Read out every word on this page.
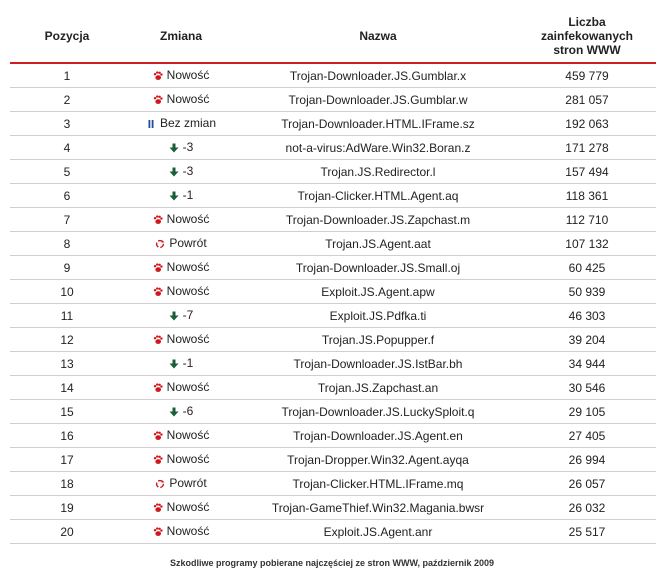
Pozycja	Zmiana	Nazwa	Liczba
zainfekowanych
stron WWW
1	Nowość	Trojan-Downloader.JS.Gumblar.x	459 779
2	Nowość	Trojan-Downloader.JS.Gumblar.w	281 057
3	Bez zmian	Trojan-Downloader.HTML.IFrame.sz	192 063
4	-3	not-a-virus:AdWare.Win32.Boran.z	171 278
5	-3	Trojan.JS.Redirector.l	157 494
6	-1	Trojan-Clicker.HTML.Agent.aq	118 361
7	Nowość	Trojan-Downloader.JS.Zapchast.m	112 710
8	Powrót	Trojan.JS.Agent.aat	107 132
9	Nowość	Trojan-Downloader.JS.Small.oj	60 425
10	Nowość	Exploit.JS.Agent.apw	50 939
11	-7	Exploit.JS.Pdfka.ti	46 303
12	Nowość	Trojan.JS.Popupper.f	39 204
13	-1	Trojan-Downloader.JS.IstBar.bh	34 944
14	Nowość	Trojan.JS.Zapchast.an	30 546
15	-6	Trojan-Downloader.JS.LuckySploit.q	29 105
16	Nowość	Trojan-Downloader.JS.Agent.en	27 405
17	Nowość	Trojan-Dropper.Win32.Agent.ayqa	26 994
18	Powrót	Trojan-Clicker.HTML.IFrame.mq	26 057
19	Nowość	Trojan-GameThief.Win32.Magania.bwsr	26 032
20	Nowość	Exploit.JS.Agent.anr	25 517
Szkodliwe programy pobierane najczęściej ze stron WWW, październik 2009
